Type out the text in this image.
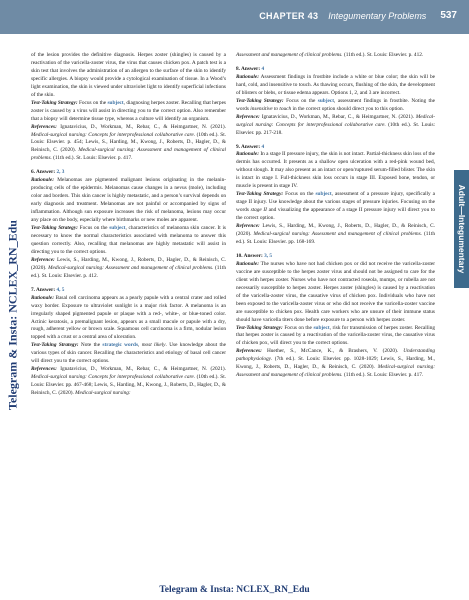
CHAPTER 43 Integumentary Problems 537
Adult—Integumentary
Telegram & Insta: NCLEX_RN_Edu

of the lesion provides the definitive diagnosis. Herpes zoster (shingles) is caused by a reactivation of the varicella-zoster virus, the virus that causes chicken pox. A patch test is a skin test that involves the administration of an allergen to the surface of the skin to identify specific allergies. A biopsy would provide a cytological examination of tissue. In a Wood’s light examination, the skin is viewed under ultraviolet light to identify superficial infections of the skin.

Test-Taking Strategy: Focus on the subject, diagnosing herpes zoster. Recalling that herpes zoster is caused by a virus will assist in directing you to the correct option. Also remember that a biopsy will determine tissue type, whereas a culture will identify an organism.

References: Ignatavicius, D., Workman, M., Rebar, C., & Heimgartner, N. (2021). Medical-surgical nursing: Concepts for interprofessional collaborative care. (10th ed.). St. Louis: Elsevier. p. 454; Lewis, S., Harding, M., Kwong, J., Roberts, D., Hagler, D., & Reinisch, C. (2020). Medical-surgical nursing: Assessment and management of clinical problems. (11th ed.). St. Louis: Elsevier. p. 417.

6. Answer: 2, 3

Rationale: Melanomas are pigmented malignant lesions originating in the melanin-producing cells of the epidermis. Melanomas cause changes in a nevus (mole), including color and borders. This skin cancer is highly metastatic, and a person’s survival depends on early diagnosis and treatment. Melanomas are not painful or accompanied by signs of inflammation. Although sun exposure increases the risk of melanoma, lesions may occur any place on the body, especially where birthmarks or new moles are apparent.

Test-Taking Strategy: Focus on the subject, characteristics of melanoma skin cancer. It is necessary to know the normal characteristics associated with melanoma to answer this question correctly. Also, recalling that melanomas are highly metastatic will assist in directing you to the correct options.

Reference: Lewis, S., Harding, M., Kwong, J., Roberts, D., Hagler, D., & Reinisch, C. (2020). Medical-surgical nursing: Assessment and management of clinical problems. (11th ed.). St. Louis: Elsevier. p. 412.

7. Answer: 4, 5

Rationale: Basal cell carcinoma appears as a pearly papule with a central crater and rolled waxy border. Exposure to ultraviolet sunlight is a major risk factor. A melanoma is an irregularly shaped pigmented papule or plaque with a red-, white-, or blue-toned color. Actinic keratosis, a premalignant lesion, appears as a small macule or papule with a dry, rough, adherent yellow or brown scale. Squamous cell carcinoma is a firm, nodular lesion topped with a crust or a central area of ulceration.

Test-Taking Strategy: Note the strategic words, most likely. Use knowledge about the various types of skin cancer. Recalling the characteristics and etiology of basal cell cancer will direct you to the correct options.

References: Ignatavicius, D., Workman, M., Rebar, C., & Heimgartner, N. (2021). Medical-surgical nursing: Concepts for interprofessional collaborative care. (10th ed.). St. Louis: Elsevier. pp. 467-468; Lewis, S., Harding, M., Kwong, J., Roberts, D., Hagler, D., & Reinisch, C. (2020). Medical-surgical nursing:

Assessment and management of clinical problems. (11th ed.). St. Louis: Elsevier. p. 412.

8. Answer: 4

Rationale: Assessment findings in frostbite include a white or blue color; the skin will be hard, cold, and insensitive to touch. As thawing occurs, flushing of the skin, the development of blisters or blebs, or tissue edema appears. Options 1, 2, and 3 are incorrect.

Test-Taking Strategy: Focus on the subject, assessment findings in frostbite. Noting the words insensitive to touch in the correct option should direct you to this option.

Reference: Ignatavicius, D., Workman, M., Rebar, C., & Heimgartner, N. (2021). Medical-surgical nursing: Concepts for interprofessional collaborative care. (10th ed.). St. Louis: Elsevier. pp. 217-218.

9. Answer: 4

Rationale: In a stage II pressure injury, the skin is not intact. Partial-thickness skin loss of the dermis has occurred. It presents as a shallow open ulceration with a red-pink wound bed, without slough. It may also present as an intact or open/ruptured serum-filled blister. The skin is intact in stage I. Full-thickness skin loss occurs in stage III. Exposed bone, tendon, or muscle is present in stage IV.

Test-Taking Strategy: Focus on the subject, assessment of a pressure injury, specifically a stage II injury. Use knowledge about the various stages of pressure injuries. Focusing on the words stage II and visualizing the appearance of a stage II pressure injury will direct you to the correct option.

Reference: Lewis, S., Harding, M., Kwong, J., Roberts, D., Hagler, D., & Reinisch, C. (2020). Medical-surgical nursing: Assessment and management of clinical problems. (11th ed.). St. Louis: Elsevier. pp. 168-169.

10. Answer: 3, 5

Rationale: The nurses who have not had chicken pox or did not receive the varicella-zoster vaccine are susceptible to the herpes zoster virus and should not be assigned to care for the client with herpes zoster. Nurses who have not contracted roseola, mumps, or rubella are not necessarily susceptible to herpes zoster. Herpes zoster (shingles) is caused by a reactivation of the varicella-zoster virus, the causative virus of chicken pox. Individuals who have not been exposed to the varicella-zoster virus or who did not receive the varicella-zoster vaccine are susceptible to chicken pox. Health care workers who are unsure of their immune status should have varicella titers done before exposure to a person with herpes zoster.

Test-Taking Strategy: Focus on the subject, risk for transmission of herpes zoster. Recalling that herpes zoster is caused by a reactivation of the varicella-zoster virus, the causative virus of chicken pox, will direct you to the correct options.

References: Huether, S., McCance, K., & Brashers, V. (2020). Understanding pathophysiology. (7th ed.). St. Louis: Elsevier. pp. 1028-1029; Lewis, S., Harding, M., Kwong, J., Roberts, D., Hagler, D., & Reinisch, C. (2020). Medical-surgical nursing: Assessment and management of clinical problems. (11th ed.). St. Louis: Elsevier. p. 417.

Telegram & Insta: NCLEX_RN_Edu
